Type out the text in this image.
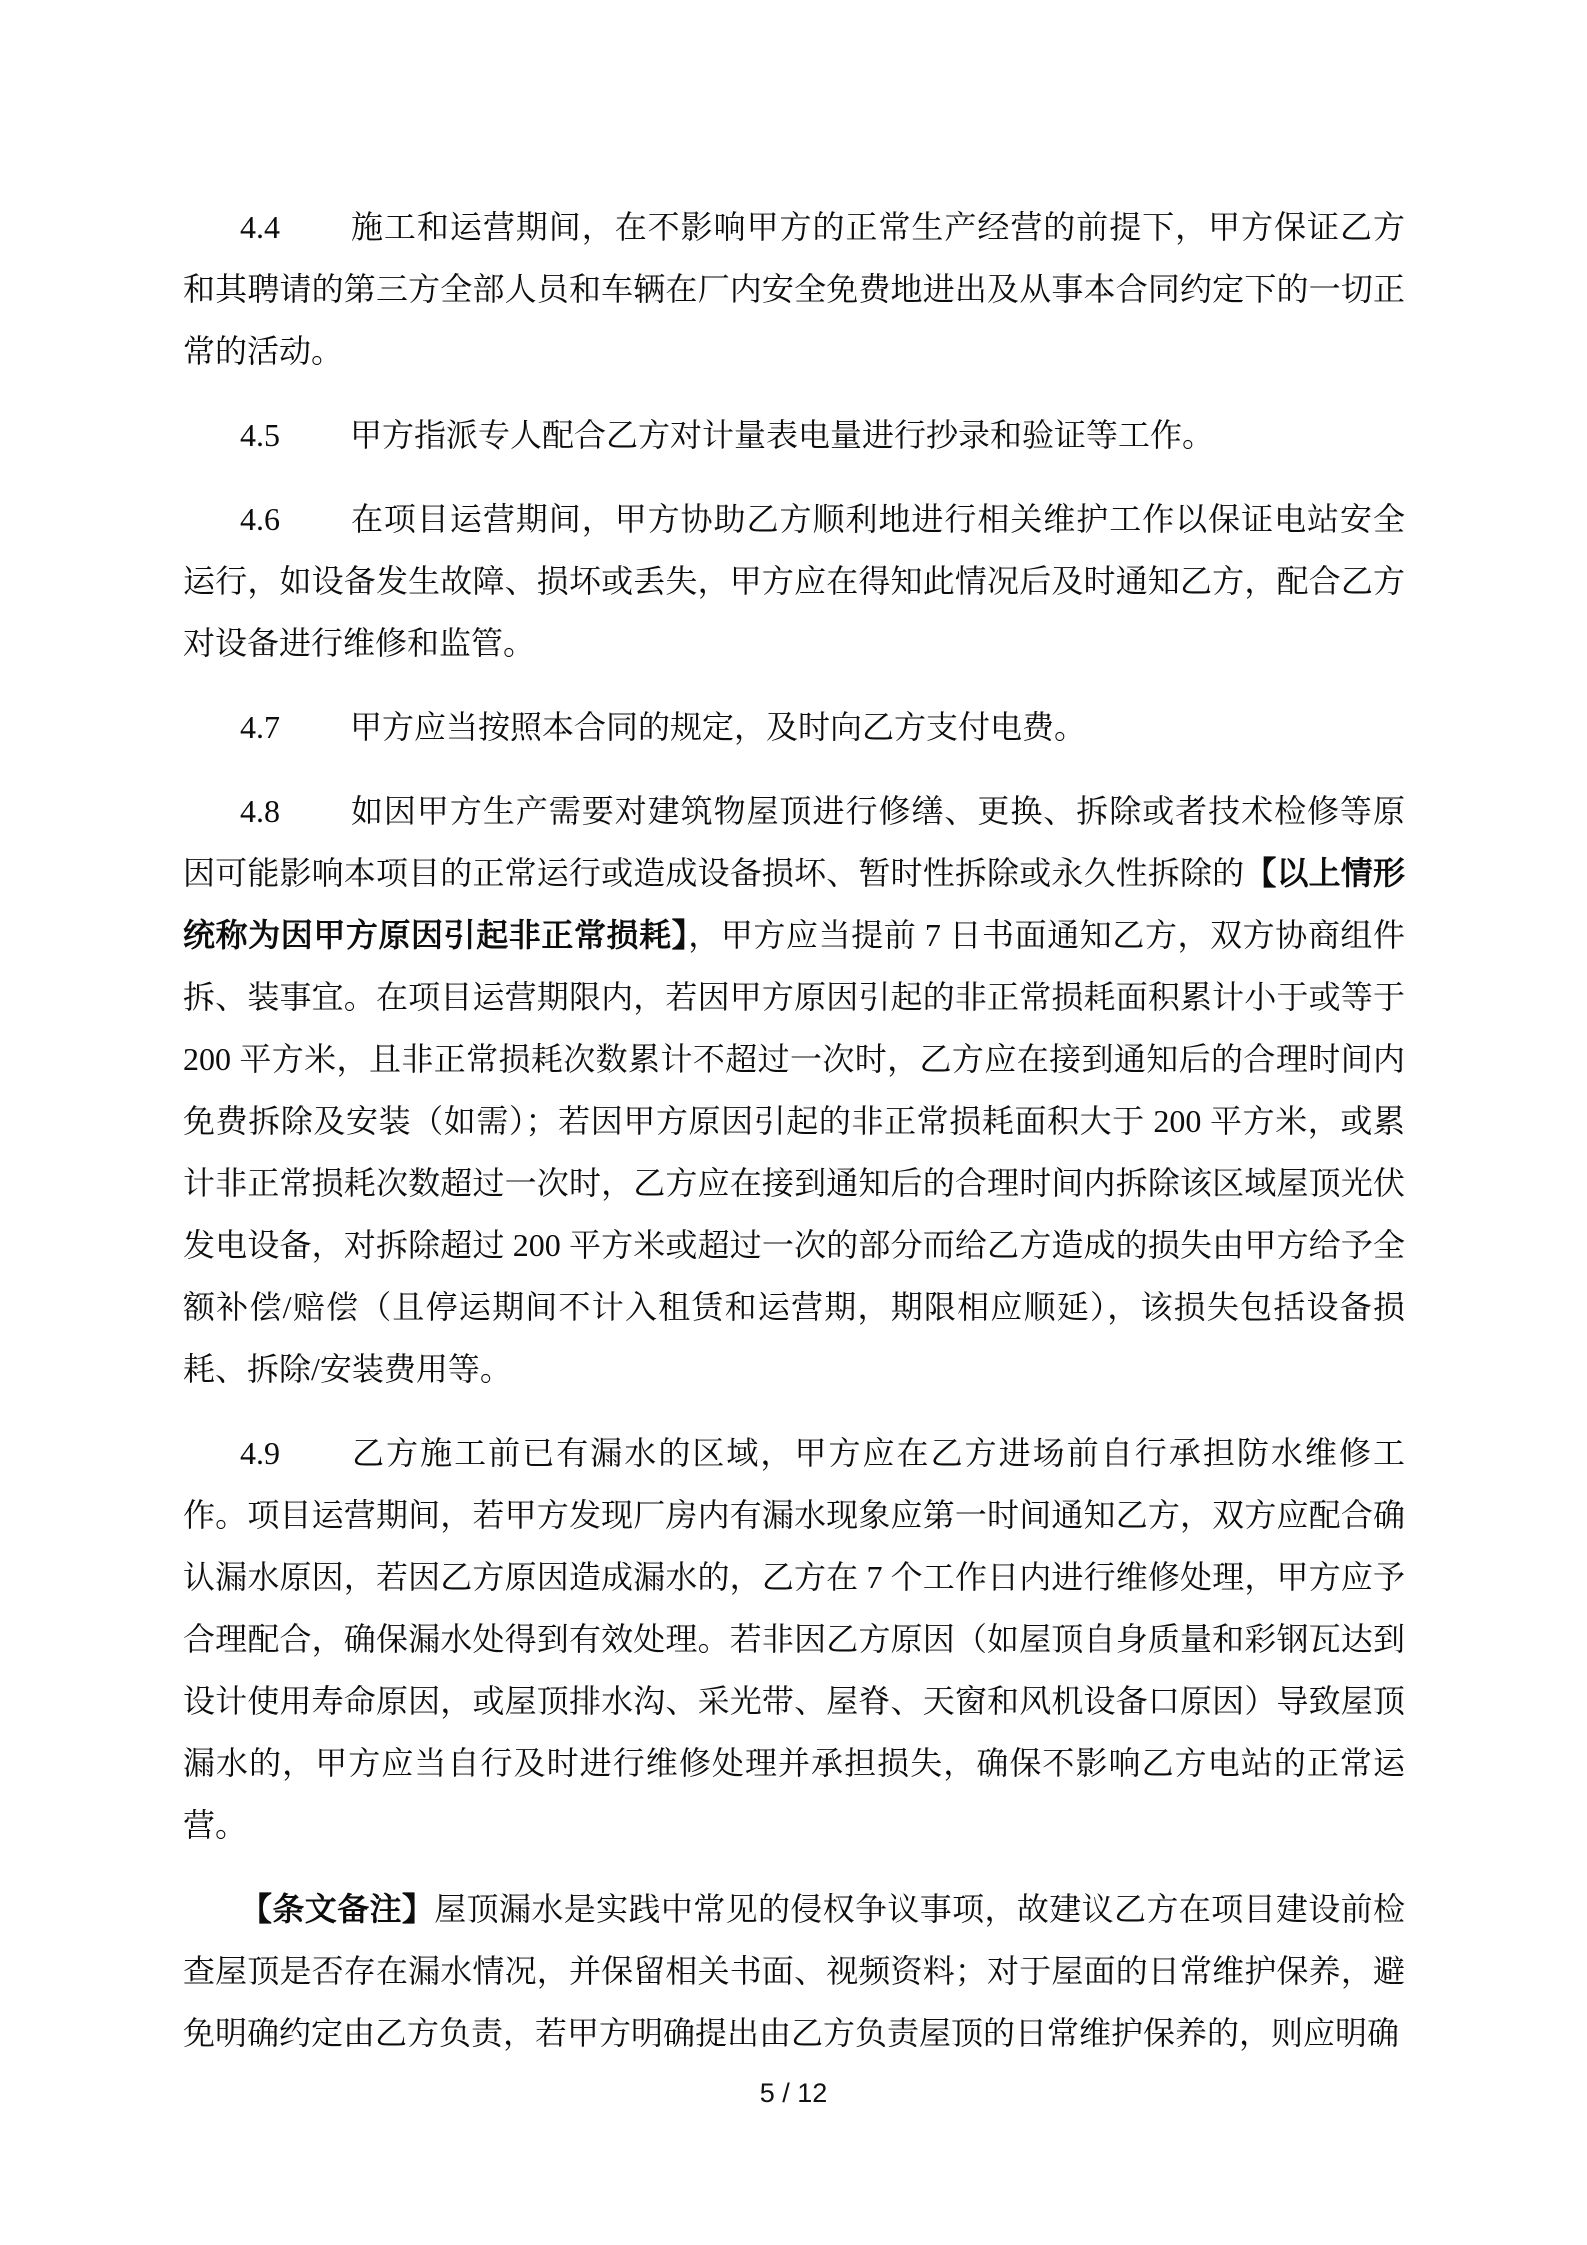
4.4 施工和运营期间，在不影响甲方的正常生产经营的前提下，甲方保证乙方和其聘请的第三方全部人员和车辆在厂内安全免费地进出及从事本合同约定下的一切正常的活动。

4.5 甲方指派专人配合乙方对计量表电量进行抄录和验证等工作。

4.6 在项目运营期间，甲方协助乙方顺利地进行相关维护工作以保证电站安全运行，如设备发生故障、损坏或丢失，甲方应在得知此情况后及时通知乙方，配合乙方对设备进行维修和监管。

4.7 甲方应当按照本合同的规定，及时向乙方支付电费。

4.8 如因甲方生产需要对建筑物屋顶进行修缮、更换、拆除或者技术检修等原因可能影响本项目的正常运行或造成设备损坏、暂时性拆除或永久性拆除的【以上情形统称为因甲方原因引起非正常损耗】，甲方应当提前 7 日书面通知乙方，双方协商组件拆、装事宜。在项目运营期限内，若因甲方原因引起的非正常损耗面积累计小于或等于 200 平方米，且非正常损耗次数累计不超过一次时，乙方应在接到通知后的合理时间内免费拆除及安装（如需）；若因甲方原因引起的非正常损耗面积大于 200 平方米，或累计非正常损耗次数超过一次时，乙方应在接到通知后的合理时间内拆除该区域屋顶光伏发电设备，对拆除超过 200 平方米或超过一次的部分而给乙方造成的损失由甲方给予全额补偿/赔偿（且停运期间不计入租赁和运营期，期限相应顺延），该损失包括设备损耗、拆除/安装费用等。

4.9 乙方施工前已有漏水的区域，甲方应在乙方进场前自行承担防水维修工作。项目运营期间，若甲方发现厂房内有漏水现象应第一时间通知乙方，双方应配合确认漏水原因，若因乙方原因造成漏水的，乙方在 7 个工作日内进行维修处理，甲方应予合理配合，确保漏水处得到有效处理。若非因乙方原因（如屋顶自身质量和彩钢瓦达到设计使用寿命原因，或屋顶排水沟、采光带、屋脊、天窗和风机设备口原因）导致屋顶漏水的，甲方应当自行及时进行维修处理并承担损失，确保不影响乙方电站的正常运营。

【条文备注】屋顶漏水是实践中常见的侵权争议事项，故建议乙方在项目建设前检查屋顶是否存在漏水情况，并保留相关书面、视频资料；对于屋面的日常维护保养，避免明确约定由乙方负责，若甲方明确提出由乙方负责屋顶的日常维护保养的，则应明确

5 / 12
